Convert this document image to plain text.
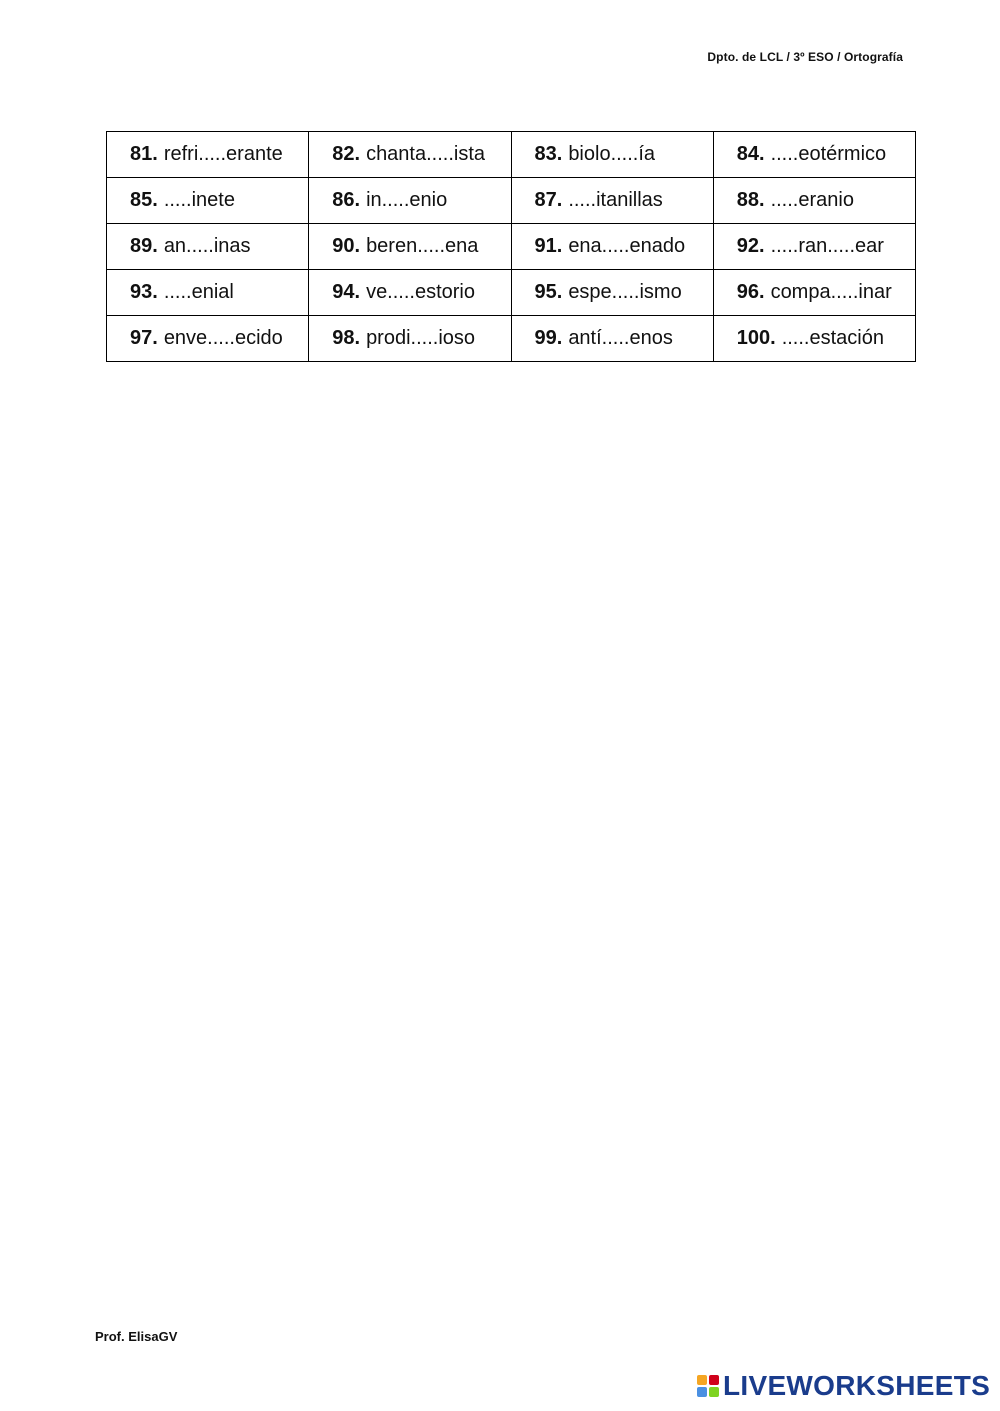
Dpto. de LCL / 3º ESO / Ortografía
81. refri.....erante	82. chanta.....ista	83. biolo.....ía	84. .....eotérmico
85. .....inete	86. in.....enio	87. .....itanillas	88. .....eranio
89. an.....inas	90. beren.....ena	91. ena.....enado	92. .....ran.....ear
93. .....enial	94. ve.....estorio	95. espe.....ismo	96. compa.....inar
97. enve.....ecido	98. prodi.....ioso	99. antí.....enos	100. .....estación
Prof. ElisaGV
LIVEWORKSHEETS
